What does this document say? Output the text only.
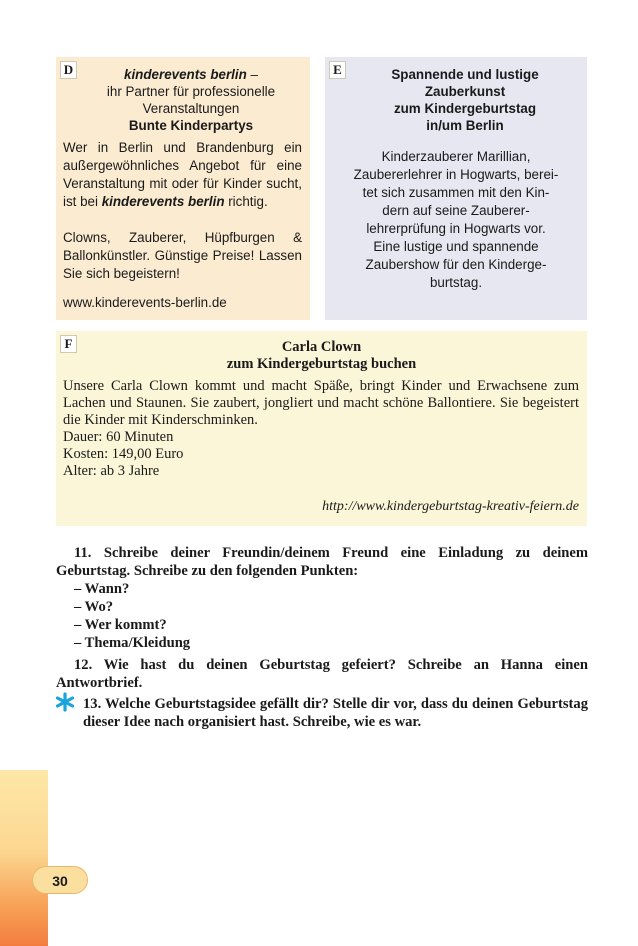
D	kinderevents berlin –
ihr Partner für professionelle
Veranstaltungen
Bunte Kinderpartys
Wer in Berlin und Brandenburg ein außergewöhnliches Angebot für eine Veranstaltung mit oder für Kinder sucht, ist bei kinderevents berlin richtig.
Clowns, Zauberer, Hüpfburgen & Ballonkünstler. Günstige Preise! Lassen Sie sich begeistern!
www.kinderevents-berlin.de
E	Spannende und lustige
Zauberkunst
zum Kindergeburtstag
in/um Berlin
Kinderzauberer Marillian,
Zaubererlehrer in Hogwarts, berei-
tet sich zusammen mit den Kin-
dern auf seine Zauberer-
lehrerprüfung in Hogwarts vor.
Eine lustige und spannende
Zaubershow für den Kinderge-
burtstag.
F	Carla Clown
zum Kindergeburtstag buchen
Unsere Carla Clown kommt und macht Späße, bringt Kinder und Erwachsene zum Lachen und Staunen. Sie zaubert, jongliert und macht schöne Ballontiere. Sie begeistert die Kinder mit Kinderschminken.
Dauer: 60 Minuten
Kosten: 149,00 Euro
Alter: ab 3 Jahre
http://www.kindergeburtstag-kreativ-feiern.de
11. Schreibe deiner Freundin/deinem Freund eine Einladung zu deinem Geburtstag. Schreibe zu den folgenden Punkten:
– Wann?
– Wo?
– Wer kommt?
– Thema/Kleidung
12. Wie hast du deinen Geburtstag gefeiert? Schreibe an Hanna einen Antwortbrief.
13. Welche Geburtstagsidee gefällt dir? Stelle dir vor, dass du deinen Geburtstag dieser Idee nach organisiert hast. Schreibe, wie es war.
30
